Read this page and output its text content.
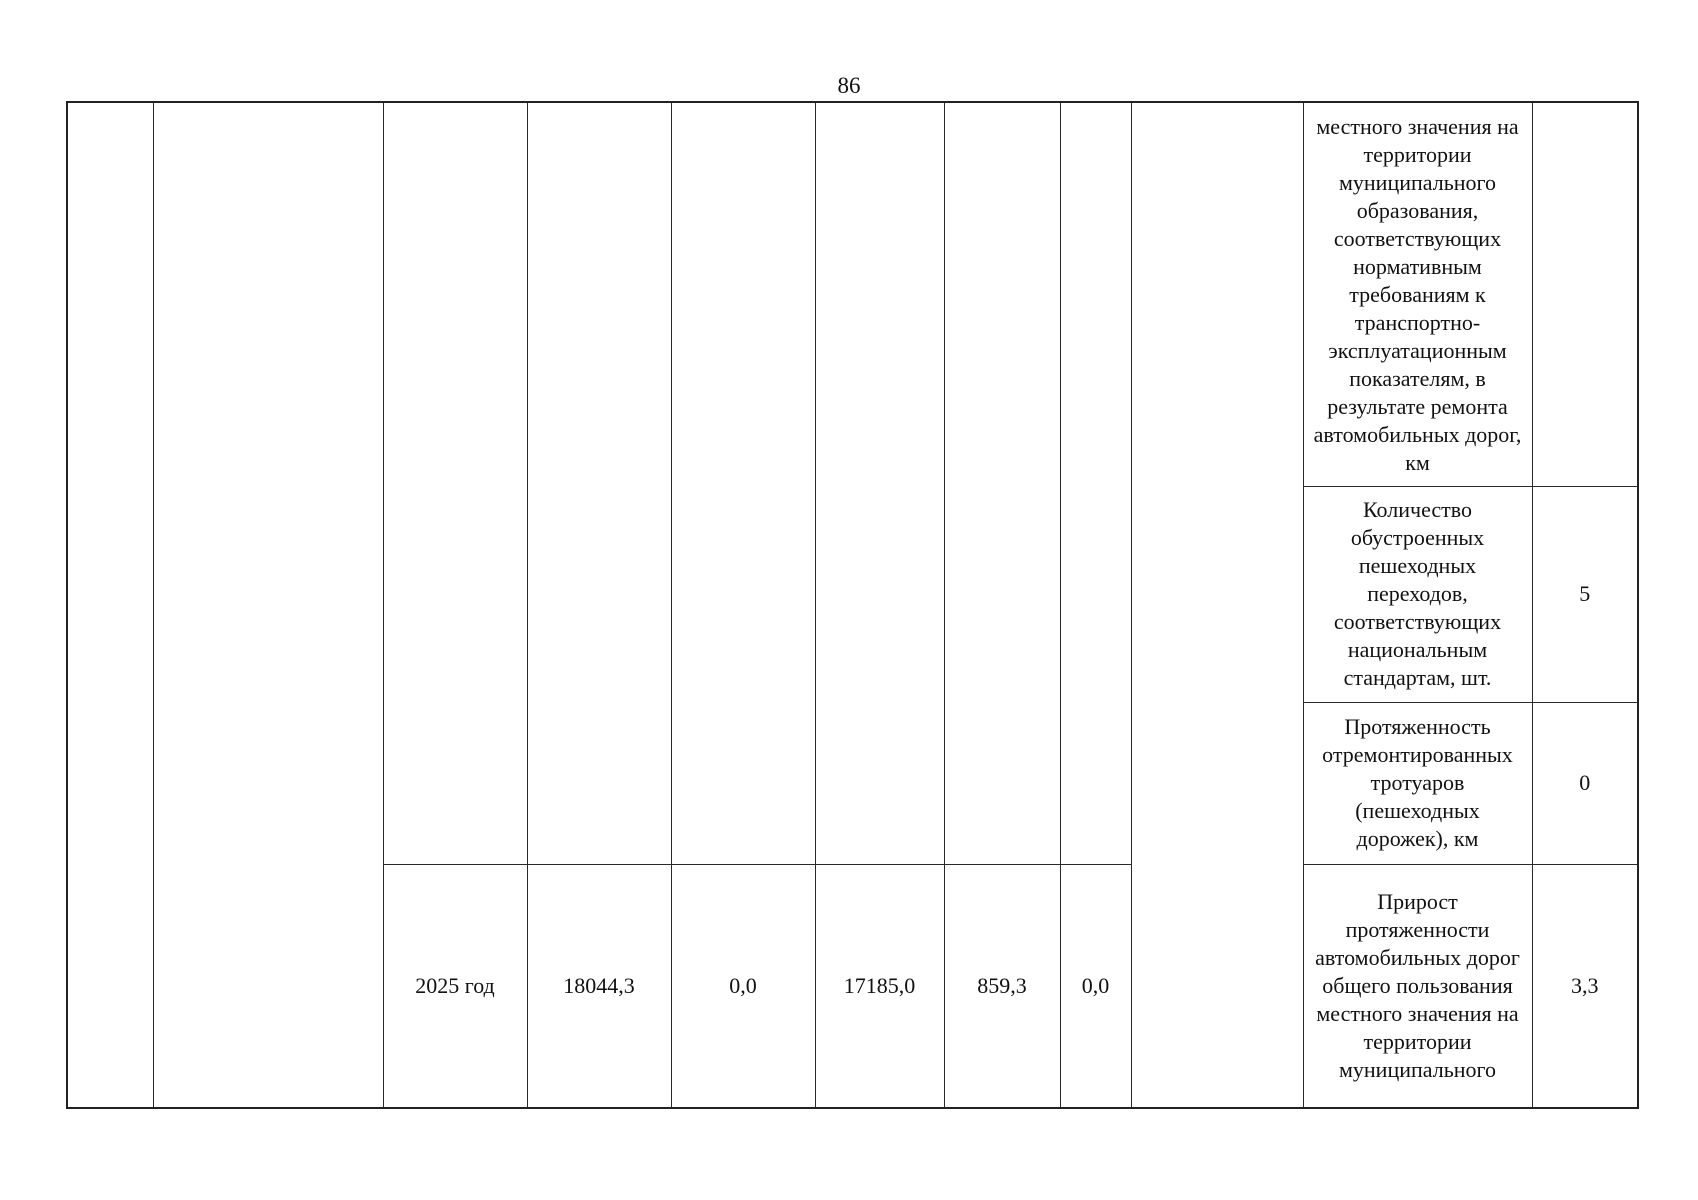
86
									местного значения на территории муниципального образования, соответствующих нормативным требованиям к транспортно-эксплуатационным показателям, в результате ремонта автомобильных дорог, км	
									Количество обустроенных пешеходных переходов, соответствующих национальным стандартам, шт.	5
									Протяженность отремонтированных тротуаров (пешеходных дорожек), км	0
		2025 год	18044,3	0,0	17185,0	859,3	0,0		Прирост протяженности автомобильных дорог общего пользования местного значения на территории муниципального	3,3
